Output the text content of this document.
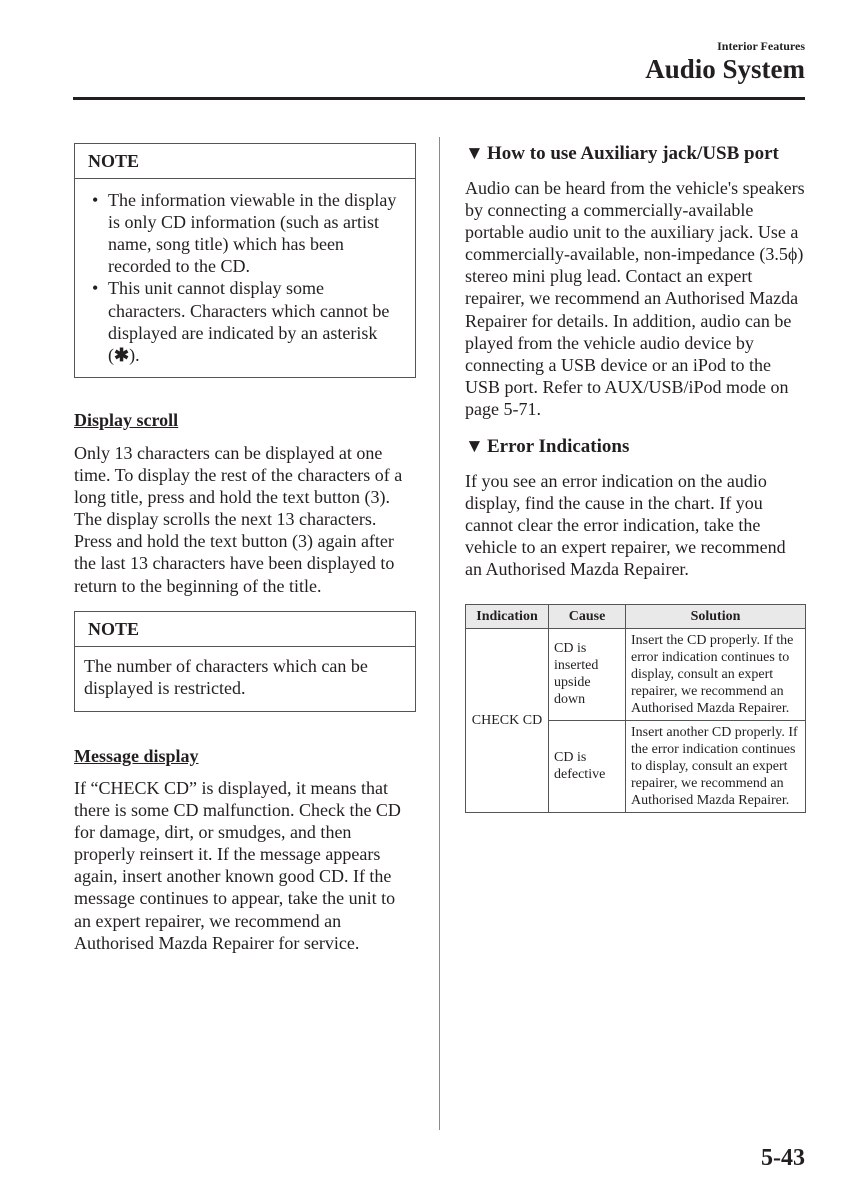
Interior Features
Audio System
NOTE
• The information viewable in the display is only CD information (such as artist name, song title) which has been recorded to the CD.
• This unit cannot display some characters. Characters which cannot be displayed are indicated by an asterisk (✱).
Display scroll

Only 13 characters can be displayed at one time. To display the rest of the characters of a long title, press and hold the text button (3). The display scrolls the next 13 characters. Press and hold the text button (3) again after the last 13 characters have been displayed to return to the beginning of the title.

NOTE
The number of characters which can be displayed is restricted.
Message display

If “CHECK CD” is displayed, it means that there is some CD malfunction. Check the CD for damage, dirt, or smudges, and then properly reinsert it. If the message appears again, insert another known good CD. If the message continues to appear, take the unit to an expert repairer, we recommend an Authorised Mazda Repairer for service.

▼ How to use Auxiliary jack/USB port

Audio can be heard from the vehicle's speakers by connecting a commercially-available portable audio unit to the auxiliary jack. Use a commercially-available, non-impedance (3.5ϕ) stereo mini plug lead. Contact an expert repairer, we recommend an Authorised Mazda Repairer for details. In addition, audio can be played from the vehicle audio device by connecting a USB device or an iPod to the USB port. Refer to AUX/USB/iPod mode on page 5-71.

▼ Error Indications

If you see an error indication on the audio display, find the cause in the chart. If you cannot clear the error indication, take the vehicle to an expert repairer, we recommend an Authorised Mazda Repairer.

Indication	Cause	Solution
CHECK CD	CD is inserted upside down	Insert the CD properly. If the error indication continues to display, consult an expert repairer, we recommend an Authorised Mazda Repairer.
	CD is defective	Insert another CD properly. If the error indication continues to display, consult an expert repairer, we recommend an Authorised Mazda Repairer.
5-43
